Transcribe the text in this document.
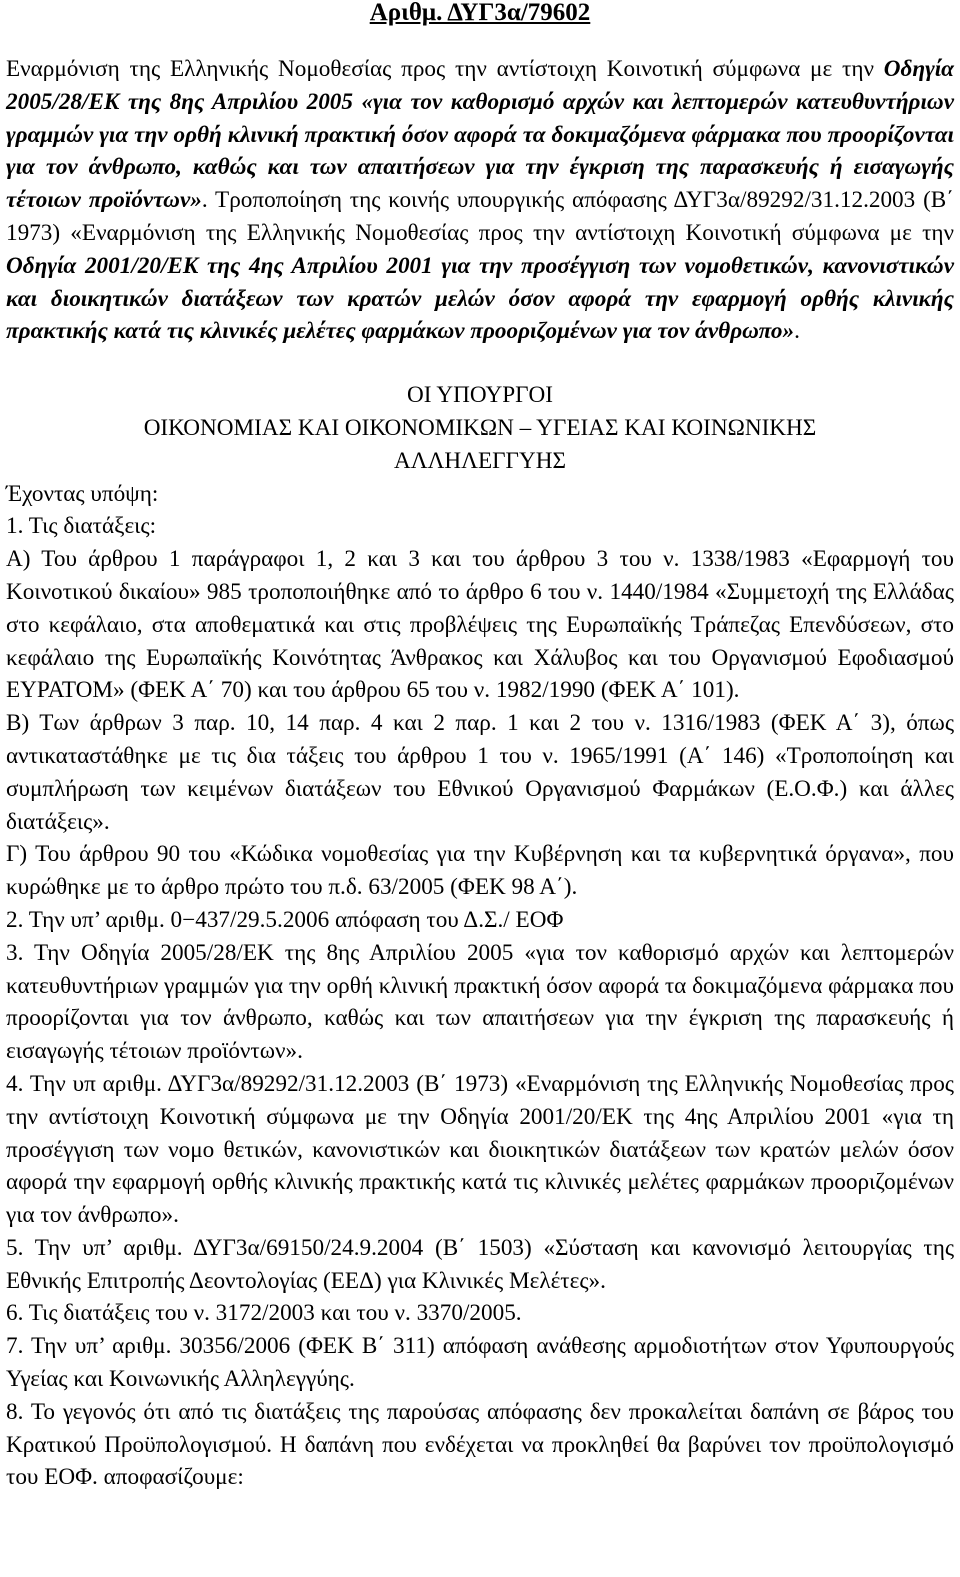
Αριθμ. ΔΥΓ3α/79602

Εναρμόνιση της Ελληνικής Νομοθεσίας προς την αντίστοιχη Κοινοτική σύμφωνα με την Οδηγία 2005/28/ΕΚ της 8ης Απριλίου 2005 «για τον καθορισμό αρχών και λεπτομερών κατευθυντήριων γραμμών για την ορθή κλινική πρακτική όσον αφορά τα δοκιμαζόμενα φάρμακα που προορίζονται για τον άνθρωπο, καθώς και των απαιτήσεων για την έγκριση της παρασκευής ή εισαγωγής τέτοιων προϊόντων». Τροποποίηση της κοινής υπουργικής απόφασης ΔΥΓ3α/89292/31.12.2003 (Β΄ 1973) «Εναρμόνιση της Ελληνικής Νομοθεσίας προς την αντίστοιχη Κοινοτική σύμφωνα με την Οδηγία 2001/20/ΕΚ της 4ης Απριλίου 2001 για την προσέγγιση των νομοθετικών, κανονιστικών και διοικητικών διατάξεων των κρατών μελών όσον αφορά την εφαρμογή ορθής κλινικής πρακτικής κατά τις κλινικές μελέτες φαρμάκων προοριζομένων για τον άνθρωπο».

ΟΙ ΥΠΟΥΡΓΟΙ

ΟΙΚΟΝΟΜΙΑΣ ΚΑΙ ΟΙΚΟΝΟΜΙΚΩΝ – ΥΓΕΙΑΣ ΚΑΙ ΚΟΙΝΩΝΙΚΗΣ

ΑΛΛΗΛΕΓΓΥΗΣ

Έχοντας υπόψη:

1. Τις διατάξεις:

Α) Του άρθρου 1 παράγραφοι 1, 2 και 3 και του άρθρου 3 του ν. 1338/1983 «Εφαρμογή του Κοινοτικού δικαίου» 985 τροποποιήθηκε από το άρθρο 6 του ν. 1440/1984 «Συμμετοχή της Ελλάδας στο κεφάλαιο, στα αποθεματικά και στις προβλέψεις της Ευρωπαϊκής Τράπεζας Επενδύσεων, στο κεφάλαιο της Ευρωπαϊκής Κοινότητας Άνθρακος και Χάλυβος και του Οργανισμού Εφοδιασμού ΕΥΡΑΤΟΜ» (ΦΕΚ Α΄ 70) και του άρθρου 65 του ν. 1982/1990 (ΦΕΚ Α΄ 101).

Β) Των άρθρων 3 παρ. 10, 14 παρ. 4 και 2 παρ. 1 και 2 του ν. 1316/1983 (ΦΕΚ Α΄ 3), όπως αντικαταστάθηκε με τις δια τάξεις του άρθρου 1 του ν. 1965/1991 (Α΄ 146) «Τροποποίηση και συμπλήρωση των κειμένων διατάξεων του Εθνικού Οργανισμού Φαρμάκων (Ε.Ο.Φ.) και άλλες διατάξεις».

Γ) Του άρθρου 90 του «Κώδικα νομοθεσίας για την Κυβέρνηση και τα κυβερνητικά όργανα», που κυρώθηκε με το άρθρο πρώτο του π.δ. 63/2005 (ΦΕΚ 98 Α΄).

2. Την υπ’ αριθμ. 0−437/29.5.2006 απόφαση του Δ.Σ./ ΕΟΦ

3. Την Οδηγία 2005/28/ΕΚ της 8ης Απριλίου 2005 «για τον καθορισμό αρχών και λεπτομερών κατευθυντήριων γραμμών για την ορθή κλινική πρακτική όσον αφορά τα δοκιμαζόμενα φάρμακα που προορίζονται για τον άνθρωπο, καθώς και των απαιτήσεων για την έγκριση της παρασκευής ή εισαγωγής τέτοιων προϊόντων».

4. Την υπ αριθμ. ΔΥΓ3α/89292/31.12.2003 (Β΄ 1973) «Εναρμόνιση της Ελληνικής Νομοθεσίας προς την αντίστοιχη Κοινοτική σύμφωνα με την Οδηγία 2001/20/ΕΚ της 4ης Απριλίου 2001 «για τη προσέγγιση των νομο θετικών, κανονιστικών και διοικητικών διατάξεων των κρατών μελών όσον αφορά την εφαρμογή ορθής κλινικής πρακτικής κατά τις κλινικές μελέτες φαρμάκων προοριζομένων για τον άνθρωπο».

5. Την υπ’ αριθμ. ΔΥΓ3α/69150/24.9.2004 (Β΄ 1503) «Σύσταση και κανονισμό λειτουργίας της Εθνικής Επιτροπής Δεοντολογίας (ΕΕΔ) για Κλινικές Μελέτες».

6. Τις διατάξεις του ν. 3172/2003 και του ν. 3370/2005.

7. Την υπ’ αριθμ. 30356/2006 (ΦΕΚ Β΄ 311) απόφαση ανάθεσης αρμοδιοτήτων στον Υφυπουργούς Υγείας και Κοινωνικής Αλληλεγγύης.

8. Το γεγονός ότι από τις διατάξεις της παρούσας απόφασης δεν προκαλείται δαπάνη σε βάρος του Κρατικού Προϋπολογισμού. Η δαπάνη που ενδέχεται να προκληθεί θα βαρύνει τον προϋπολογισμό του ΕΟΦ. αποφασίζουμε:
